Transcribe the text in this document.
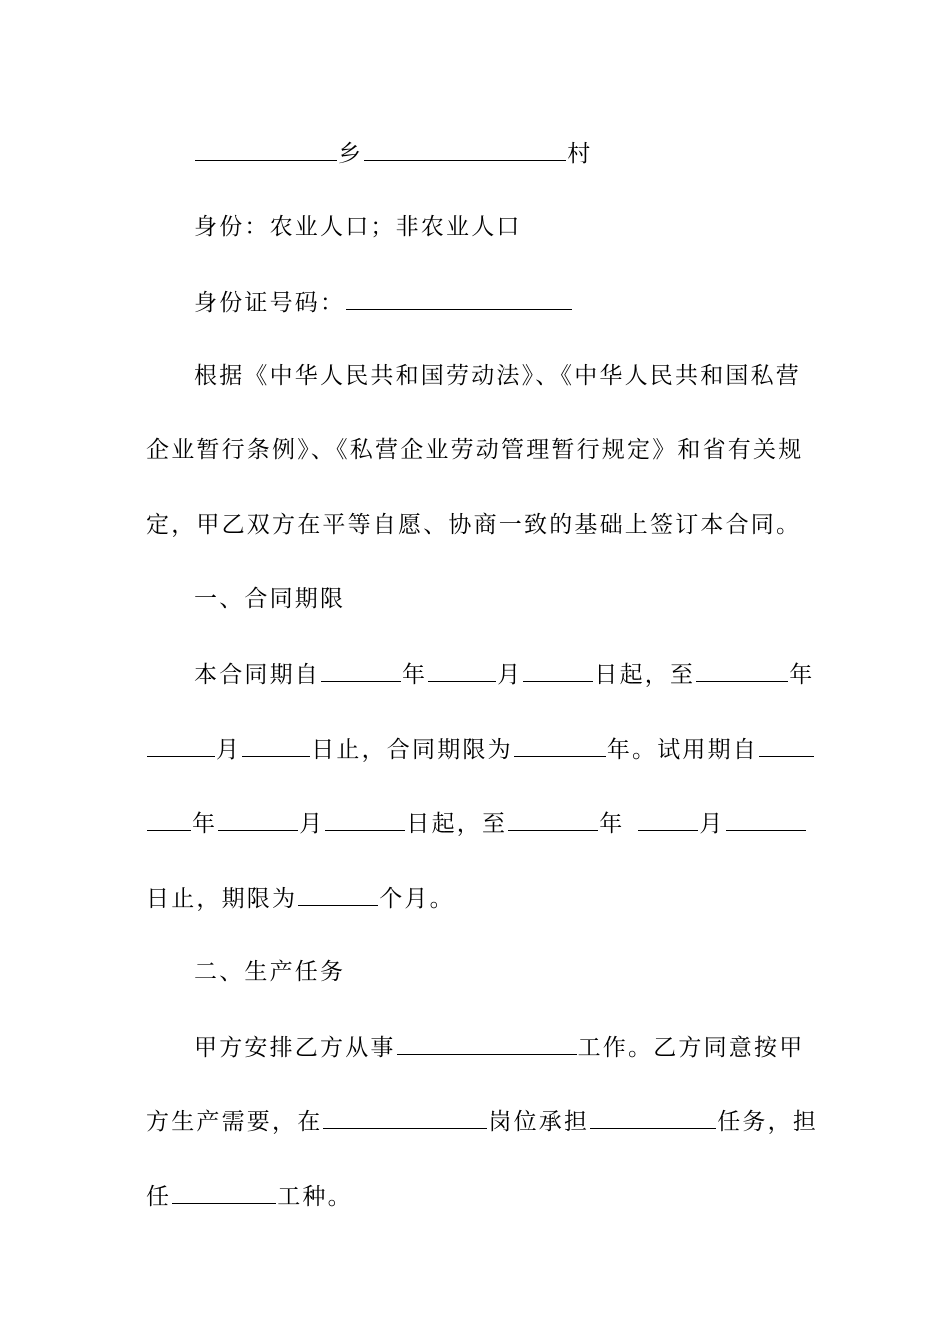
乡	村
身份：农业人口；非农业人口
身份证号码：
根据《中华人民共和国劳动法》、《中华人民共和国私营
企业暂行条例》、《私营企业劳动管理暂行规定》和省有关规
定，甲乙双方在平等自愿、协商一致的基础上签订本合同。
一、合同期限
本合同期自	年	月	日起，至	年
月	日止，合同期限为	年。试用期自
年	月	日起，至	年	月
日止，期限为	个月。
二、生产任务
甲方安排乙方从事	工作。乙方同意按甲
方生产需要，在	岗位承担	任务，担
任	工种。
